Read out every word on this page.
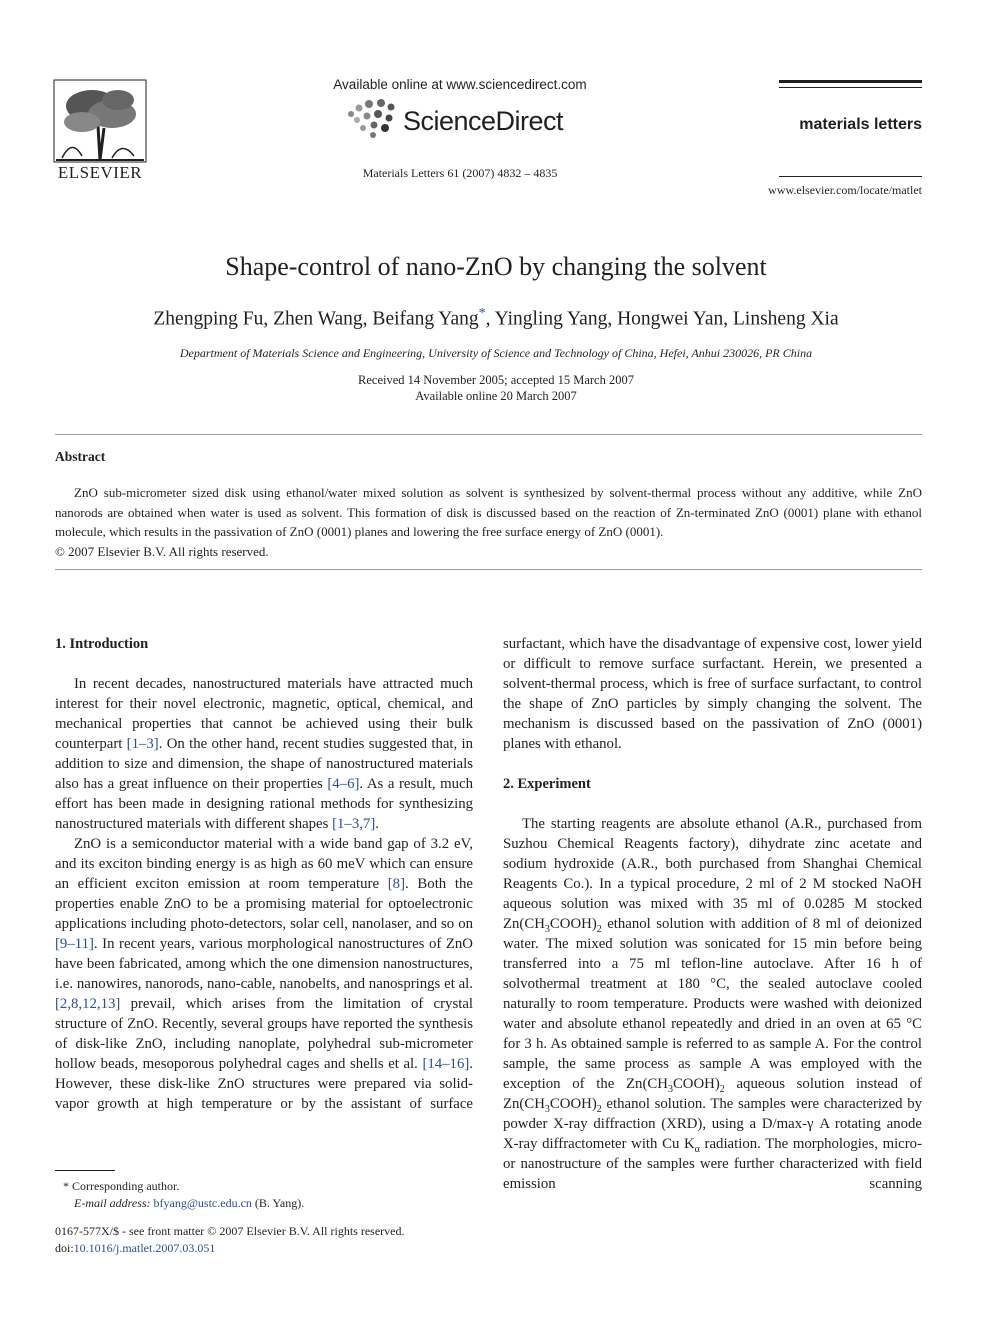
ELSEVIER
Available online at www.sciencedirect.com
ScienceDirect
Materials Letters 61 (2007) 4832 – 4835
materials letters
www.elsevier.com/locate/matlet
Shape-control of nano-ZnO by changing the solvent
Zhengping Fu, Zhen Wang, Beifang Yang*, Yingling Yang, Hongwei Yan, Linsheng Xia
Department of Materials Science and Engineering, University of Science and Technology of China, Hefei, Anhui 230026, PR China
Received 14 November 2005; accepted 15 March 2007
Available online 20 March 2007
Abstract

ZnO sub-micrometer sized disk using ethanol/water mixed solution as solvent is synthesized by solvent-thermal process without any additive, while ZnO nanorods are obtained when water is used as solvent. This formation of disk is discussed based on the reaction of Zn-terminated ZnO (0001) plane with ethanol molecule, which results in the passivation of ZnO (0001) planes and lowering the free surface energy of ZnO (0001).

© 2007 Elsevier B.V. All rights reserved.

1. Introduction

In recent decades, nanostructured materials have attracted much interest for their novel electronic, magnetic, optical, chemical, and mechanical properties that cannot be achieved using their bulk counterpart [1–3]. On the other hand, recent studies suggested that, in addition to size and dimension, the shape of nanostructured materials also has a great influence on their properties [4–6]. As a result, much effort has been made in designing rational methods for synthesizing nanostructured materials with different shapes [1–3,7].

ZnO is a semiconductor material with a wide band gap of 3.2 eV, and its exciton binding energy is as high as 60 meV which can ensure an efficient exciton emission at room temperature [8]. Both the properties enable ZnO to be a promising material for optoelectronic applications including photo-detectors, solar cell, nanolaser, and so on [9–11]. In recent years, various morphological nanostructures of ZnO have been fabricated, among which the one dimension nanostructures, i.e. nanowires, nanorods, nano-cable, nanobelts, and nanosprings et al. [2,8,12,13] prevail, which arises from the limitation of crystal structure of ZnO. Recently, several groups have reported the synthesis of disk-like ZnO, including nanoplate, polyhedral sub-micrometer hollow beads, mesoporous polyhedral cages and shells et al. [14–16]. However, these disk-like ZnO structures were prepared via solid-vapor growth at high temperature or by the assistant of surface

surfactant, which have the disadvantage of expensive cost, lower yield or difficult to remove surface surfactant. Herein, we presented a solvent-thermal process, which is free of surface surfactant, to control the shape of ZnO particles by simply changing the solvent. The mechanism is discussed based on the passivation of ZnO (0001) planes with ethanol.

2. Experiment

The starting reagents are absolute ethanol (A.R., purchased from Suzhou Chemical Reagents factory), dihydrate zinc acetate and sodium hydroxide (A.R., both purchased from Shanghai Chemical Reagents Co.). In a typical procedure, 2 ml of 2 M stocked NaOH aqueous solution was mixed with 35 ml of 0.0285 M stocked $Zn(CH_3COOH)_2$ ethanol solution with addition of 8 ml of deionized water. The mixed solution was sonicated for 15 min before being transferred into a 75 ml teflon-line autoclave. After 16 h of solvothermal treatment at 180 °C, the sealed autoclave cooled naturally to room temperature. Products were washed with deionized water and absolute ethanol repeatedly and dried in an oven at 65 °C for 3 h. As obtained sample is referred to as sample A. For the control sample, the same process as sample A was employed with the exception of the $Zn(CH_3COOH)_2$ aqueous solution instead of $Zn(CH_3COOH)_2$ ethanol solution. The samples were characterized by powder X-ray diffraction (XRD), using a D/max-γ A rotating anode X-ray diffractometer with Cu $K_\alpha$ radiation. The morphologies, micro- or nanostructure of the samples were further characterized with field emission scanning

* Corresponding author.
E-mail address: bfyang@ustc.edu.cn (B. Yang).
0167-577X/$ - see front matter © 2007 Elsevier B.V. All rights reserved.
doi:10.1016/j.matlet.2007.03.051
